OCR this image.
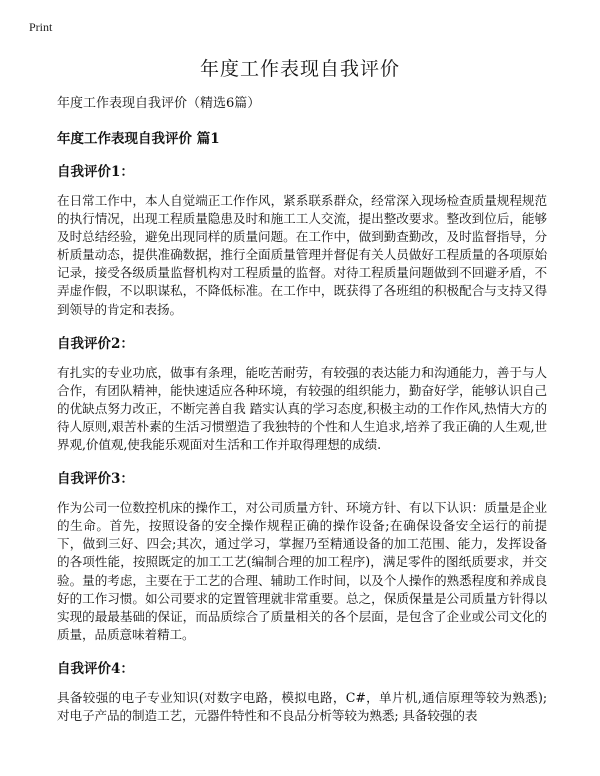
Print
年度工作表现自我评价

年度工作表现自我评价（精选6篇）

年度工作表现自我评价 篇1

自我评价1：

在日常工作中，本人自觉端正工作作风，紧系联系群众，经常深入现场检查质量规程规范的执行情况，出现工程质量隐患及时和施工工人交流，提出整改要求。整改到位后，能够及时总结经验，避免出现同样的质量问题。在工作中，做到勤查勤改，及时监督指导，分析质量动态，提供准确数据，推行全面质量管理并督促有关人员做好工程质量的各项原始记录，接受各级质量监督机构对工程质量的监督。对待工程质量问题做到不回避矛盾，不弄虚作假，不以职谋私，不降低标准。在工作中，既获得了各班组的积极配合与支持又得到领导的肯定和表扬。

自我评价2：

有扎实的专业功底，做事有条理，能吃苦耐劳，有较强的表达能力和沟通能力，善于与人合作，有团队精神，能快速适应各种环境，有较强的组织能力，勤奋好学，能够认识自己的优缺点努力改正，不断完善自我 踏实认真的学习态度,积极主动的工作作风,热情大方的待人原则,艰苦朴素的生活习惯塑造了我独特的个性和人生追求,培养了我正确的人生观,世界观,价值观,使我能乐观面对生活和工作并取得理想的成绩.

自我评价3：

作为公司一位数控机床的操作工，对公司质量方针、环境方针、有以下认识：质量是企业的生命。首先，按照设备的安全操作规程正确的操作设备;在确保设备安全运行的前提下，做到三好、四会;其次，通过学习，掌握乃至精通设备的加工范围、能力，发挥设备的各项性能，按照既定的加工工艺(编制合理的加工程序)，满足零件的图纸质要求，并交验。量的考虑，主要在于工艺的合理、辅助工作时间，以及个人操作的熟悉程度和养成良好的工作习惯。如公司要求的定置管理就非常重要。总之，保质保量是公司质量方针得以实现的最最基础的保证，而品质综合了质量相关的各个层面，是包含了企业或公司文化的质量，品质意味着精工。

自我评价4：

具备较强的电子专业知识(对数字电路，模拟电路，C#，单片机,通信原理等较为熟悉); 对电子产品的制造工艺，元器件特性和不良品分析等较为熟悉; 具备较强的表
